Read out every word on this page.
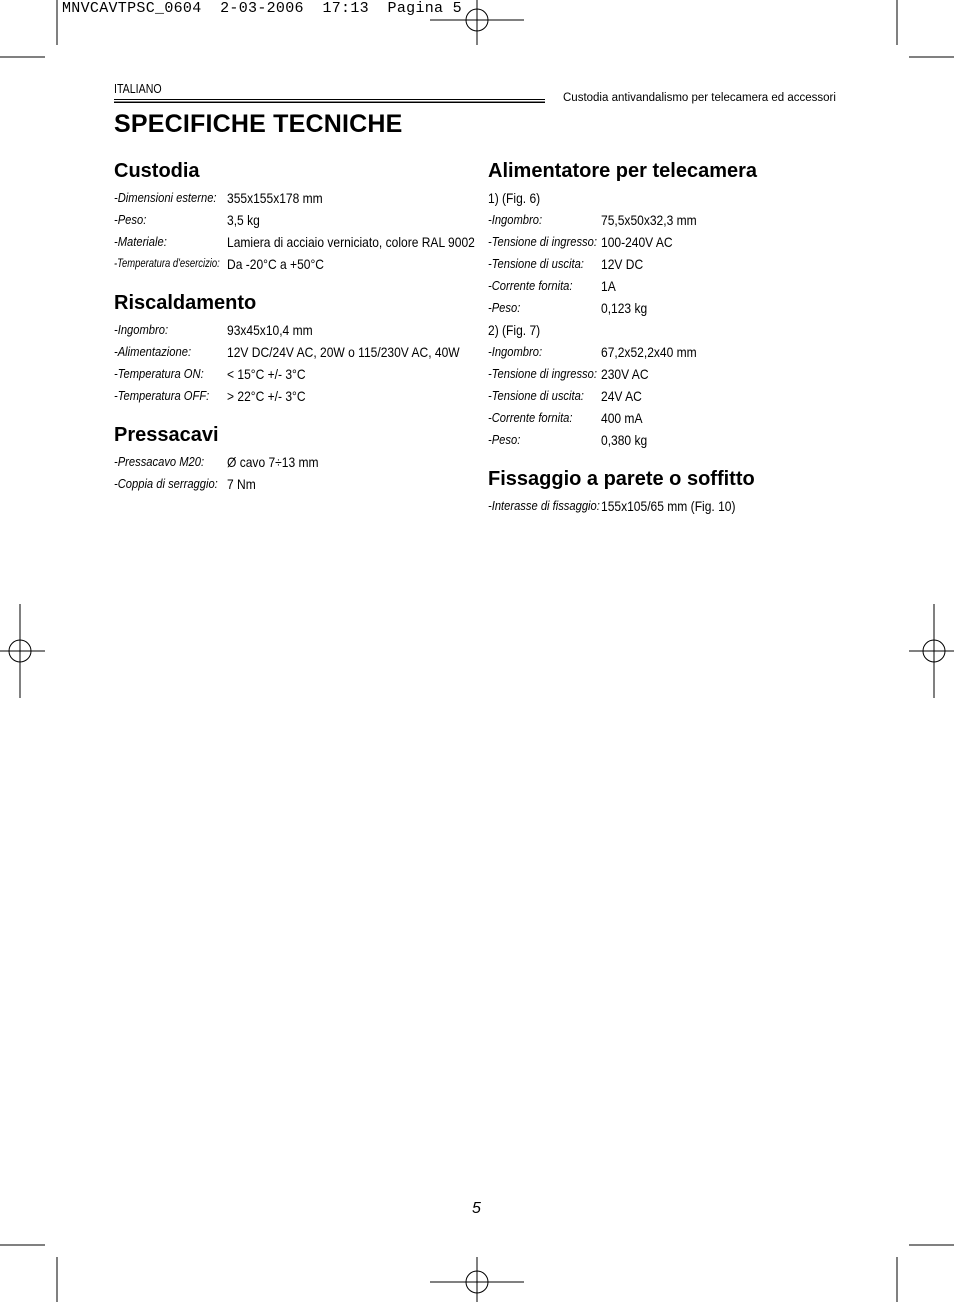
MNVCAVTPSC_0604  2-03-2006  17:13  Pagina 5
ITALIANO
Custodia antivandalismo per telecamera ed accessori
SPECIFICHE TECNICHE
Custodia
-Dimensioni esterne: 355x155x178 mm
-Peso:	3,5 kg
-Materiale:	Lamiera di acciaio verniciato, colore RAL 9002
-Temperatura d'esercizio: Da -20°C a +50°C
Riscaldamento
-Ingombro:	93x45x10,4 mm
-Alimentazione:	12V DC/24V AC, 20W o 115/230V AC, 40W
-Temperatura ON: < 15°C +/- 3°C
-Temperatura OFF: > 22°C +/- 3°C
Pressacavi
-Pressacavo M20: Ø cavo 7÷13 mm
-Coppia di serraggio: 7 Nm
Alimentatore per telecamera
1) (Fig. 6)
-Ingombro:	75,5x50x32,3 mm
-Tensione di ingresso: 100-240V AC
-Tensione di uscita: 12V DC
-Corrente fornita: 1A
-Peso:	0,123 kg
2) (Fig. 7)
-Ingombro:	67,2x52,2x40 mm
-Tensione di ingresso: 230V AC
-Tensione di uscita: 24V AC
-Corrente fornita: 400 mA
-Peso:	0,380 kg
Fissaggio a parete o soffitto
-Interasse di fissaggio: 155x105/65 mm (Fig. 10)
5
